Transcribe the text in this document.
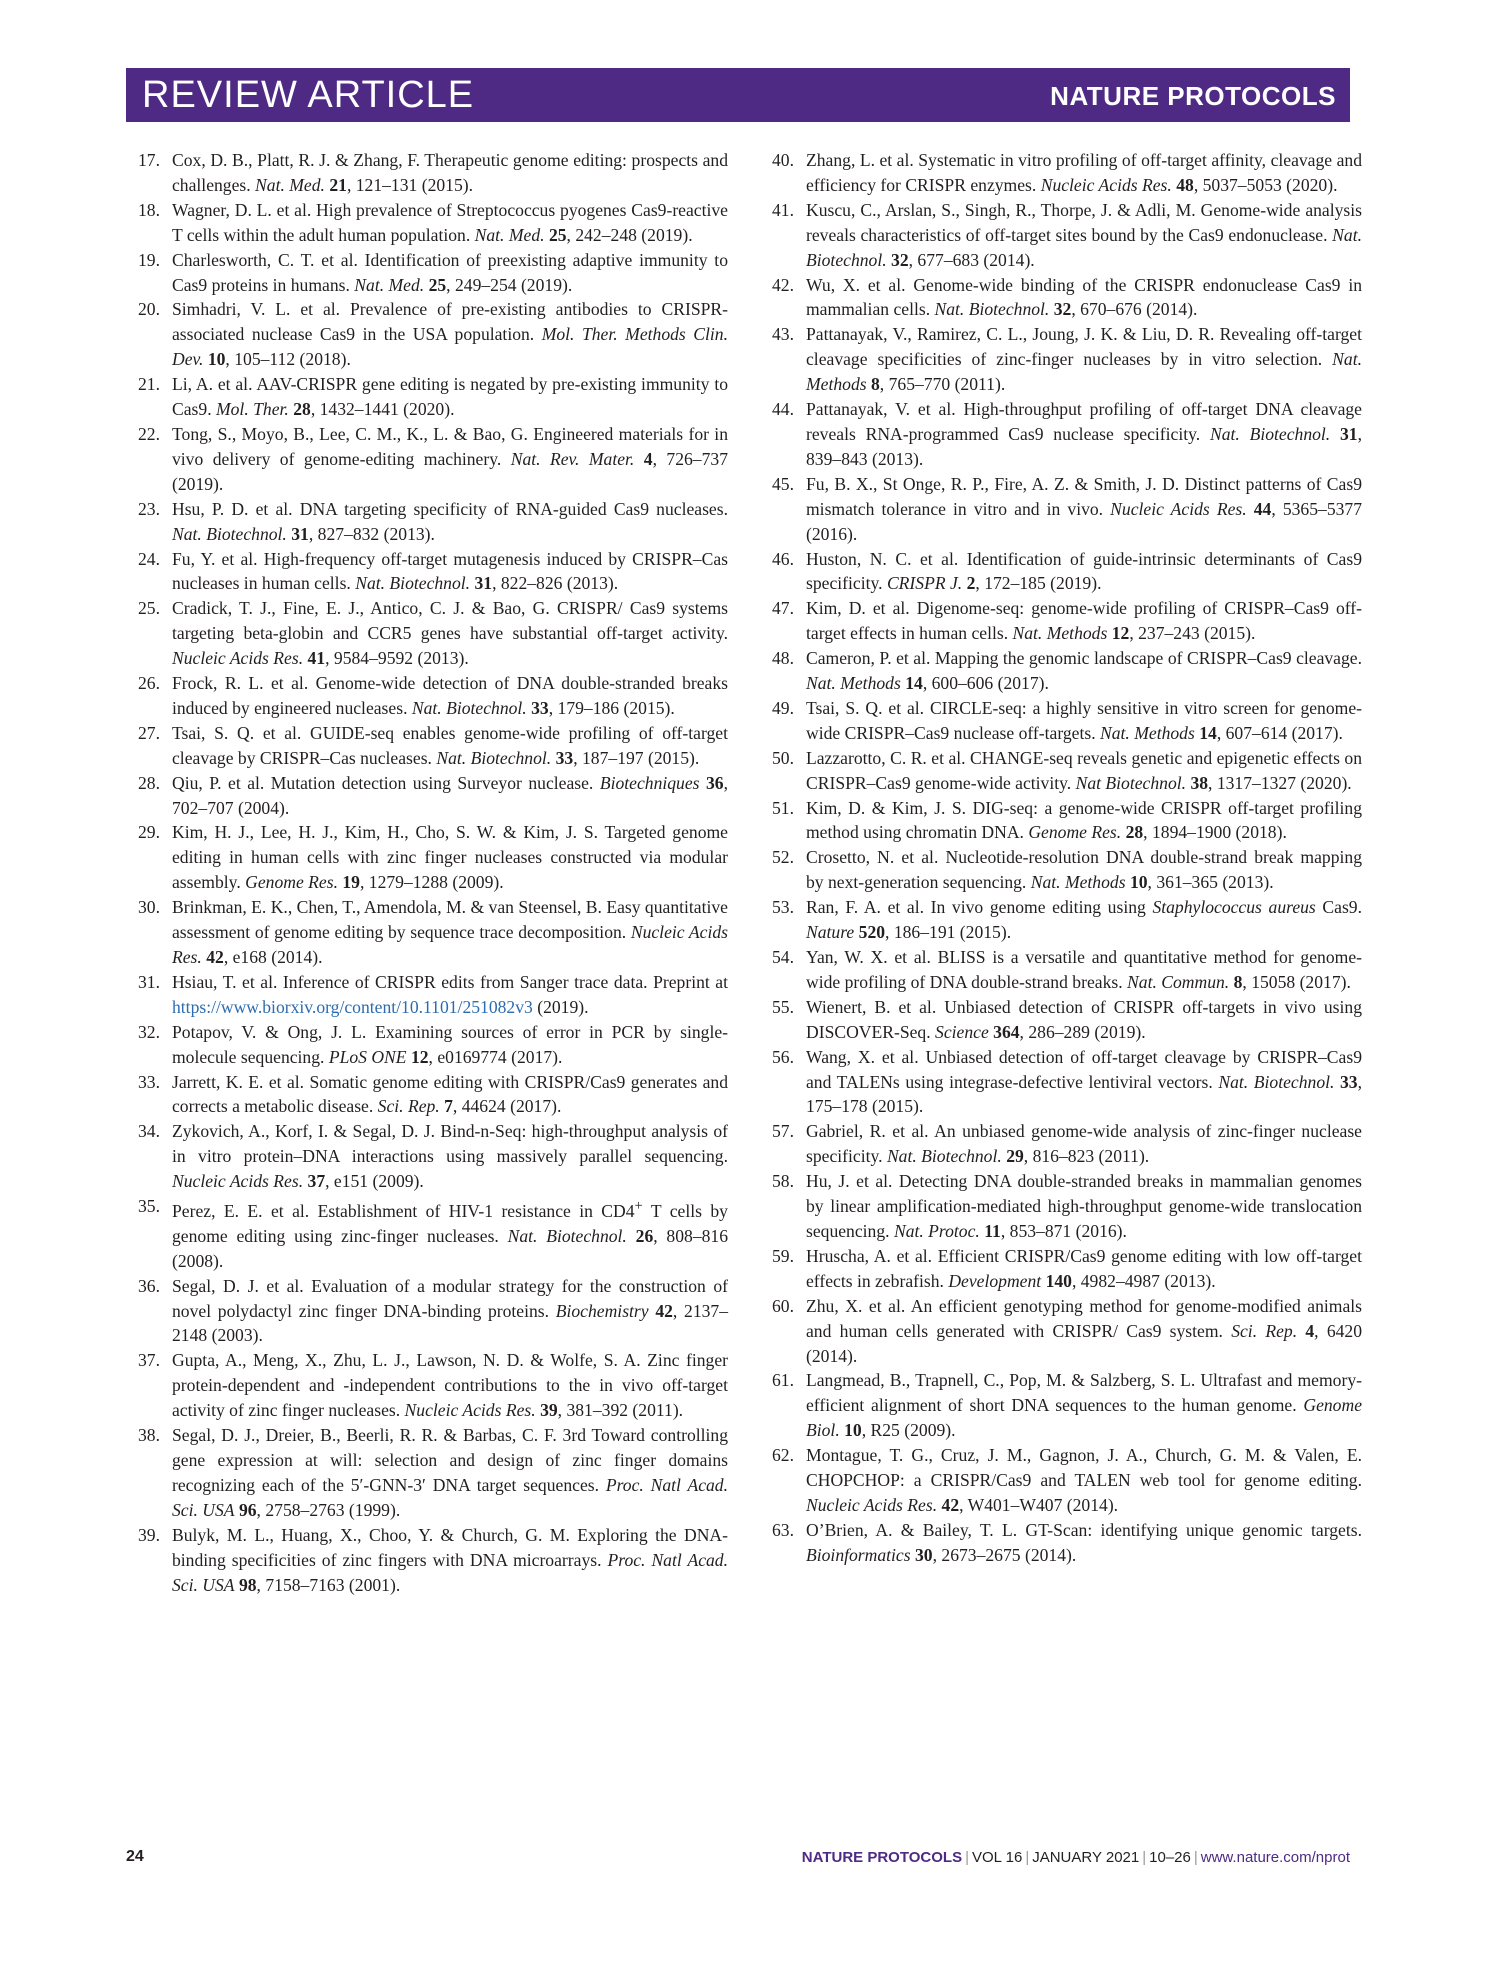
REVIEW ARTICLE	NATURE PROTOCOLS
17. Cox, D. B., Platt, R. J. & Zhang, F. Therapeutic genome editing: prospects and challenges. Nat. Med. 21, 121–131 (2015).
18. Wagner, D. L. et al. High prevalence of Streptococcus pyogenes Cas9-reactive T cells within the adult human population. Nat. Med. 25, 242–248 (2019).
19. Charlesworth, C. T. et al. Identification of preexisting adaptive immunity to Cas9 proteins in humans. Nat. Med. 25, 249–254 (2019).
20. Simhadri, V. L. et al. Prevalence of pre-existing antibodies to CRISPR-associated nuclease Cas9 in the USA population. Mol. Ther. Methods Clin. Dev. 10, 105–112 (2018).
21. Li, A. et al. AAV-CRISPR gene editing is negated by pre-existing immunity to Cas9. Mol. Ther. 28, 1432–1441 (2020).
22. Tong, S., Moyo, B., Lee, C. M., K., L. & Bao, G. Engineered materials for in vivo delivery of genome-editing machinery. Nat. Rev. Mater. 4, 726–737 (2019).
23. Hsu, P. D. et al. DNA targeting specificity of RNA-guided Cas9 nucleases. Nat. Biotechnol. 31, 827–832 (2013).
24. Fu, Y. et al. High-frequency off-target mutagenesis induced by CRISPR–Cas nucleases in human cells. Nat. Biotechnol. 31, 822–826 (2013).
25. Cradick, T. J., Fine, E. J., Antico, C. J. & Bao, G. CRISPR/ Cas9 systems targeting beta-globin and CCR5 genes have substantial off-target activity. Nucleic Acids Res. 41, 9584–9592 (2013).
26. Frock, R. L. et al. Genome-wide detection of DNA double-stranded breaks induced by engineered nucleases. Nat. Biotechnol. 33, 179–186 (2015).
27. Tsai, S. Q. et al. GUIDE-seq enables genome-wide profiling of off-target cleavage by CRISPR–Cas nucleases. Nat. Biotechnol. 33, 187–197 (2015).
28. Qiu, P. et al. Mutation detection using Surveyor nuclease. Biotechniques 36, 702–707 (2004).
29. Kim, H. J., Lee, H. J., Kim, H., Cho, S. W. & Kim, J. S. Targeted genome editing in human cells with zinc finger nucleases constructed via modular assembly. Genome Res. 19, 1279–1288 (2009).
30. Brinkman, E. K., Chen, T., Amendola, M. & van Steensel, B. Easy quantitative assessment of genome editing by sequence trace decomposition. Nucleic Acids Res. 42, e168 (2014).
31. Hsiau, T. et al. Inference of CRISPR edits from Sanger trace data. Preprint at https://www.biorxiv.org/content/10.1101/251082v3 (2019).
32. Potapov, V. & Ong, J. L. Examining sources of error in PCR by single-molecule sequencing. PLoS ONE 12, e0169774 (2017).
33. Jarrett, K. E. et al. Somatic genome editing with CRISPR/Cas9 generates and corrects a metabolic disease. Sci. Rep. 7, 44624 (2017).
34. Zykovich, A., Korf, I. & Segal, D. J. Bind-n-Seq: high-throughput analysis of in vitro protein–DNA interactions using massively parallel sequencing. Nucleic Acids Res. 37, e151 (2009).
35. Perez, E. E. et al. Establishment of HIV-1 resistance in CD4+ T cells by genome editing using zinc-finger nucleases. Nat. Biotechnol. 26, 808–816 (2008).
36. Segal, D. J. et al. Evaluation of a modular strategy for the construction of novel polydactyl zinc finger DNA-binding proteins. Biochemistry 42, 2137–2148 (2003).
37. Gupta, A., Meng, X., Zhu, L. J., Lawson, N. D. & Wolfe, S. A. Zinc finger protein-dependent and -independent contributions to the in vivo off-target activity of zinc finger nucleases. Nucleic Acids Res. 39, 381–392 (2011).
38. Segal, D. J., Dreier, B., Beerli, R. R. & Barbas, C. F. 3rd Toward controlling gene expression at will: selection and design of zinc finger domains recognizing each of the 5′-GNN-3′ DNA target sequences. Proc. Natl Acad. Sci. USA 96, 2758–2763 (1999).
39. Bulyk, M. L., Huang, X., Choo, Y. & Church, G. M. Exploring the DNA-binding specificities of zinc fingers with DNA microarrays. Proc. Natl Acad. Sci. USA 98, 7158–7163 (2001).
40. Zhang, L. et al. Systematic in vitro profiling of off-target affinity, cleavage and efficiency for CRISPR enzymes. Nucleic Acids Res. 48, 5037–5053 (2020).
41. Kuscu, C., Arslan, S., Singh, R., Thorpe, J. & Adli, M. Genome-wide analysis reveals characteristics of off-target sites bound by the Cas9 endonuclease. Nat. Biotechnol. 32, 677–683 (2014).
42. Wu, X. et al. Genome-wide binding of the CRISPR endonuclease Cas9 in mammalian cells. Nat. Biotechnol. 32, 670–676 (2014).
43. Pattanayak, V., Ramirez, C. L., Joung, J. K. & Liu, D. R. Revealing off-target cleavage specificities of zinc-finger nucleases by in vitro selection. Nat. Methods 8, 765–770 (2011).
44. Pattanayak, V. et al. High-throughput profiling of off-target DNA cleavage reveals RNA-programmed Cas9 nuclease specificity. Nat. Biotechnol. 31, 839–843 (2013).
45. Fu, B. X., St Onge, R. P., Fire, A. Z. & Smith, J. D. Distinct patterns of Cas9 mismatch tolerance in vitro and in vivo. Nucleic Acids Res. 44, 5365–5377 (2016).
46. Huston, N. C. et al. Identification of guide-intrinsic determinants of Cas9 specificity. CRISPR J. 2, 172–185 (2019).
47. Kim, D. et al. Digenome-seq: genome-wide profiling of CRISPR–Cas9 off-target effects in human cells. Nat. Methods 12, 237–243 (2015).
48. Cameron, P. et al. Mapping the genomic landscape of CRISPR–Cas9 cleavage. Nat. Methods 14, 600–606 (2017).
49. Tsai, S. Q. et al. CIRCLE-seq: a highly sensitive in vitro screen for genome-wide CRISPR–Cas9 nuclease off-targets. Nat. Methods 14, 607–614 (2017).
50. Lazzarotto, C. R. et al. CHANGE-seq reveals genetic and epigenetic effects on CRISPR–Cas9 genome-wide activity. Nat Biotechnol. 38, 1317–1327 (2020).
51. Kim, D. & Kim, J. S. DIG-seq: a genome-wide CRISPR off-target profiling method using chromatin DNA. Genome Res. 28, 1894–1900 (2018).
52. Crosetto, N. et al. Nucleotide-resolution DNA double-strand break mapping by next-generation sequencing. Nat. Methods 10, 361–365 (2013).
53. Ran, F. A. et al. In vivo genome editing using Staphylococcus aureus Cas9. Nature 520, 186–191 (2015).
54. Yan, W. X. et al. BLISS is a versatile and quantitative method for genome-wide profiling of DNA double-strand breaks. Nat. Commun. 8, 15058 (2017).
55. Wienert, B. et al. Unbiased detection of CRISPR off-targets in vivo using DISCOVER-Seq. Science 364, 286–289 (2019).
56. Wang, X. et al. Unbiased detection of off-target cleavage by CRISPR–Cas9 and TALENs using integrase-defective lentiviral vectors. Nat. Biotechnol. 33, 175–178 (2015).
57. Gabriel, R. et al. An unbiased genome-wide analysis of zinc-finger nuclease specificity. Nat. Biotechnol. 29, 816–823 (2011).
58. Hu, J. et al. Detecting DNA double-stranded breaks in mammalian genomes by linear amplification-mediated high-throughput genome-wide translocation sequencing. Nat. Protoc. 11, 853–871 (2016).
59. Hruscha, A. et al. Efficient CRISPR/Cas9 genome editing with low off-target effects in zebrafish. Development 140, 4982–4987 (2013).
60. Zhu, X. et al. An efficient genotyping method for genome-modified animals and human cells generated with CRISPR/ Cas9 system. Sci. Rep. 4, 6420 (2014).
61. Langmead, B., Trapnell, C., Pop, M. & Salzberg, S. L. Ultrafast and memory-efficient alignment of short DNA sequences to the human genome. Genome Biol. 10, R25 (2009).
62. Montague, T. G., Cruz, J. M., Gagnon, J. A., Church, G. M. & Valen, E. CHOPCHOP: a CRISPR/Cas9 and TALEN web tool for genome editing. Nucleic Acids Res. 42, W401–W407 (2014).
63. O’Brien, A. & Bailey, T. L. GT-Scan: identifying unique genomic targets. Bioinformatics 30, 2673–2675 (2014).
24	NATURE PROTOCOLS | VOL 16 | JANUARY 2021 | 10–26 | www.nature.com/nprot
